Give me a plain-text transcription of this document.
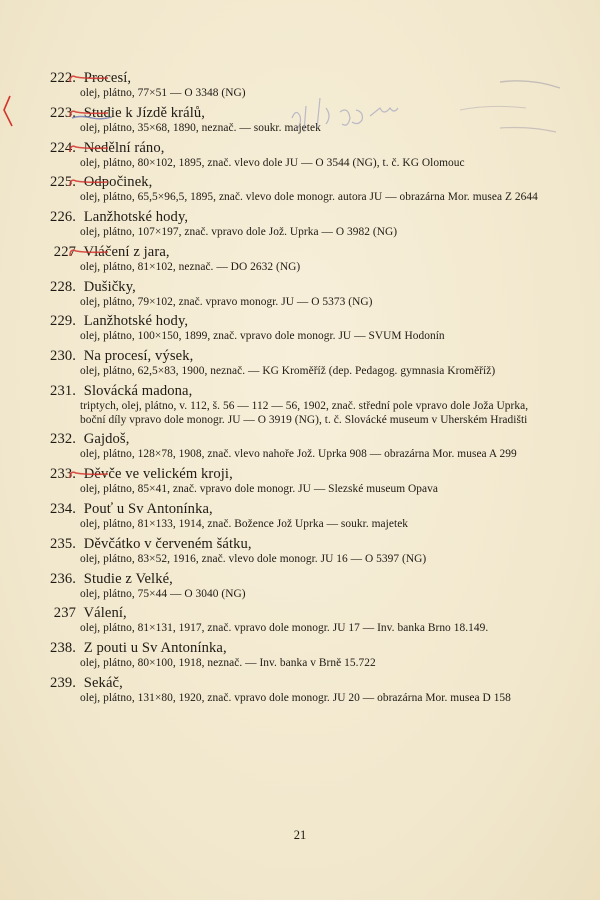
222. Procesí,
olej, plátno, 77×51 — O 3348 (NG)
223. Studie k Jízdě králů,
olej, plátno, 35×68, 1890, neznač. — soukr. majetek
224. Nedělní ráno,
olej, plátno, 80×102, 1895, znač. vlevo dole JU — O 3544 (NG), t. č. KG Olomouc
225. Odpočinek,
olej, plátno, 65,5×96,5, 1895, znač. vlevo dole monogr. autora JU — obrazárna Mor. musea Z 2644
226. Lanžhotské hody,
olej, plátno, 107×197, znač. vpravo dole Jož. Uprka — O 3982 (NG)
227 Vláčení z jara,
olej, plátno, 81×102, neznač. — DO 2632 (NG)
228. Dušičky,
olej, plátno, 79×102, znač. vpravo monogr. JU — O 5373 (NG)
229. Lanžhotské hody,
olej, plátno, 100×150, 1899, znač. vpravo dole monogr. JU — SVUM Hodonín
230. Na procesí, výsek,
olej, plátno, 62,5×83, 1900, neznač. — KG Kroměříž (dep. Pedagog. gymnasia Kroměříž)
231. Slovácká madona,
triptych, olej, plátno, v. 112, š. 56 — 112 — 56, 1902, znač. střední pole vpravo dole Joža Uprka, boční díly vpravo dole monogr. JU — O 3919 (NG), t. č. Slovácké museum v Uherském Hradišti
232. Gajdoš,
olej, plátno, 128×78, 1908, znač. vlevo nahoře Jož. Uprka 908 — obrazárna Mor. musea A 299
233. Děvče ve velickém kroji,
olej, plátno, 85×41, znač. vpravo dole monogr. JU — Slezské museum Opava
234. Pouť u Sv Antonínka,
olej, plátno, 81×133, 1914, znač. Božence Jož Uprka — soukr. majetek
235. Děvčátko v červeném šátku,
olej, plátno, 83×52, 1916, znač. vlevo dole monogr. JU 16 — O 5397 (NG)
236. Studie z Velké,
olej, plátno, 75×44 — O 3040 (NG)
237 Válení,
olej, plátno, 81×131, 1917, znač. vpravo dole monogr. JU 17 — Inv. banka Brno 18.149.
238. Z pouti u Sv Antonínka,
olej, plátno, 80×100, 1918, neznač. — Inv. banka v Brně 15.722
239. Sekáč,
olej, plátno, 131×80, 1920, znač. vpravo dole monogr. JU 20 — obrazárna Mor. musea D 158
21
